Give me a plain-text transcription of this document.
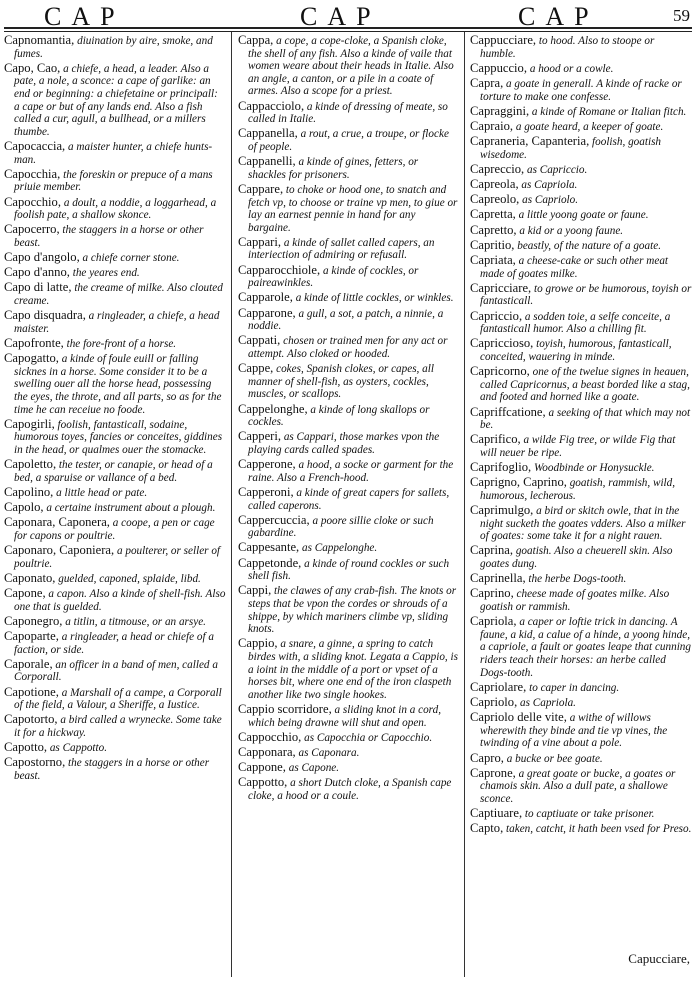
CAP	CAP	CAP	59
Capnomantia, diuination by aire, smoke, and fumes.
Capo, Cao, a chiefe, a head, a leader. Also a pate, a nole, a sconce: a cape of garlike: an end or beginning: a chiefetaine or principall: a cape or but of any lands end. Also a fish called a cur, agull, a bullhead, or a millers thumbe.
Capocaccia, a maister hunter, a chiefe hunts-man.
Capocchia, the foreskin or prepuce of a mans priuie member.
Capocchio, a doult, a noddie, a loggarhead, a foolish pate, a shallow skonce.
Capocerro, the staggers in a horse or other beast.
Capo d'angolo, a chiefe corner stone.
Capo d'anno, the yeares end.
Capo di latte, the creame of milke. Also clouted creame.
Capo disquadra, a ringleader, a chiefe, a head maister.
Capofronte, the fore-front of a horse.
Capogatto, a kinde of foule euill or falling sicknes in a horse. Some consider it to be a swelling ouer all the horse head, possessing the eyes, the throte, and all parts, so as for the time he can receiue no foode.
Capogirli, foolish, fantasticall, sodaine, humorous toyes, fancies or conceites, giddines in the head, or qualmes ouer the stomacke.
Capoletto, the tester, or canapie, or head of a bed, a sparuise or vallance of a bed.
Capolino, a little head or pate.
Capolo, a certaine instrument about a plough.
Caponara, Caponera, a coope, a pen or cage for capons or poultrie.
Caponaro, Caponiera, a poulterer, or seller of poultrie.
Caponato, guelded, caponed, splaide, libd.
Capone, a capon. Also a kinde of shell-fish. Also one that is guelded.
Caponegro, a titlin, a titmouse, or an arsye.
Capoparte, a ringleader, a head or chiefe of a faction, or side.
Caporale, an officer in a band of men, called a Corporall.
Capotione, a Marshall of a campe, a Corporall of the field, a Valour, a Sheriffe, a Iustice.
Capotorto, a bird called a wrynecke. Some take it for a hickway.
Capotto, as Cappotto.
Capostorno, the staggers in a horse or other beast.
Cappa, a cope, a cope-cloke, a Spanish cloke, the shell of any fish. Also a kinde of vaile that women weare about their heads in Italie. Also an angle, a canton, or a pile in a coate of armes. Also a scope for a priest.
Cappacciolo, a kinde of dressing of meate, so called in Italie.
Cappanella, a rout, a crue, a troupe, or flocke of people.
Cappanelli, a kinde of gines, fetters, or shackles for prisoners.
Cappare, to choke or hood one, to snatch and fetch vp, to choose or traine vp men, to giue or lay an earnest pennie in hand for any bargaine.
Cappari, a kinde of sallet called capers, an interiection of admiring or refusall.
Capparocchiole, a kinde of cockles, or paireawinkles.
Capparole, a kinde of little cockles, or winkles.
Capparone, a gull, a sot, a patch, a ninnie, a noddie.
Cappati, chosen or trained men for any act or attempt. Also cloked or hooded.
Cappe, cokes, Spanish clokes, or capes, all manner of shell-fish, as oysters, cockles, muscles, or scallops.
Cappelonghe, a kinde of long skallops or cockles.
Capperi, as Cappari, those markes vpon the playing cards called spades.
Capperone, a hood, a socke or garment for the raine. Also a French-hood.
Capperoni, a kinde of great capers for sallets, called caperons.
Cappercuccia, a poore sillie cloke or such gabardine.
Cappesante, as Cappelonghe.
Cappetonde, a kinde of round cockles or such shell fish.
Cappi, the clawes of any crab-fish. The knots or steps that be vpon the cordes or shrouds of a shippe, by which mariners climbe vp, sliding knots.
Cappio, a snare, a ginne, a spring to catch birdes with, a sliding knot. Legata a Cappio, is a ioint in the middle of a port or vpset of a horses bit, where one end of the iron claspeth another like two single hookes.
Cappio scorridore, a sliding knot in a cord, which being drawne will shut and open.
Cappocchio, as Capocchia or Capocchio.
Capponara, as Caponara.
Cappone, as Capone.
Cappotto, a short Dutch cloke, a Spanish cape cloke, a hood or a coule.
Cappucciare, to hood. Also to stoope or humble.
Cappuccio, a hood or a cowle.
Capra, a goate in generall. A kinde of racke or torture to make one confesse.
Capraggini, a kinde of Romane or Italian fitch.
Capraio, a goate heard, a keeper of goate.
Capraneria, Capanteria, foolish, goatish wisedome.
Capreccio, as Capriccio.
Capreola, as Capriola.
Capreolo, as Capriolo.
Capretta, a little yoong goate or faune.
Capretto, a kid or a yoong faune.
Capritio, beastly, of the nature of a goate.
Capriata, a cheese-cake or such other meat made of goates milke.
Capricciare, to growe or be humorous, toyish or fantasticall.
Capriccio, a sodden toie, a selfe conceite, a fantasticall humor. Also a chilling fit.
Capriccioso, toyish, humorous, fantasticall, conceited, wauering in minde.
Capricorno, one of the twelue signes in heauen, called Capricornus, a beast borded like a stag, and footed and horned like a goate.
Capriffcatione, a seeking of that which may not be.
Caprifico, a wilde Fig tree, or wilde Fig that will neuer be ripe.
Caprifoglio, Woodbinde or Honysuckle.
Caprigno, Caprino, goatish, rammish, wild, humorous, lecherous.
Caprimulgo, a bird or skitch owle, that in the night sucketh the goates vdders. Also a milker of goates: some take it for a night rauen.
Caprina, goatish. Also a cheuerell skin. Also goates dung.
Caprinella, the herbe Dogs-tooth.
Caprino, cheese made of goates milke. Also goatish or rammish.
Capriola, a caper or loftie trick in dancing. A faune, a kid, a calue of a hinde, a yoong hinde, a capriole, a fault or goates leape that cunning riders teach their horses: an herbe called Dogs-tooth.
Capriolare, to caper in dancing.
Capriolo, as Capriola.
Capriolo delle vite, a withe of willows wherewith they binde and tie vp vines, the twinding of a vine about a pole.
Capro, a bucke or bee goate.
Caprone, a great goate or bucke, a goates or chamois skin. Also a dull pate, a shallowe sconce.
Captiuare, to captiuate or take prisoner.
Capto, taken, catcht, it hath been vsed for Preso.
Capucciare,
